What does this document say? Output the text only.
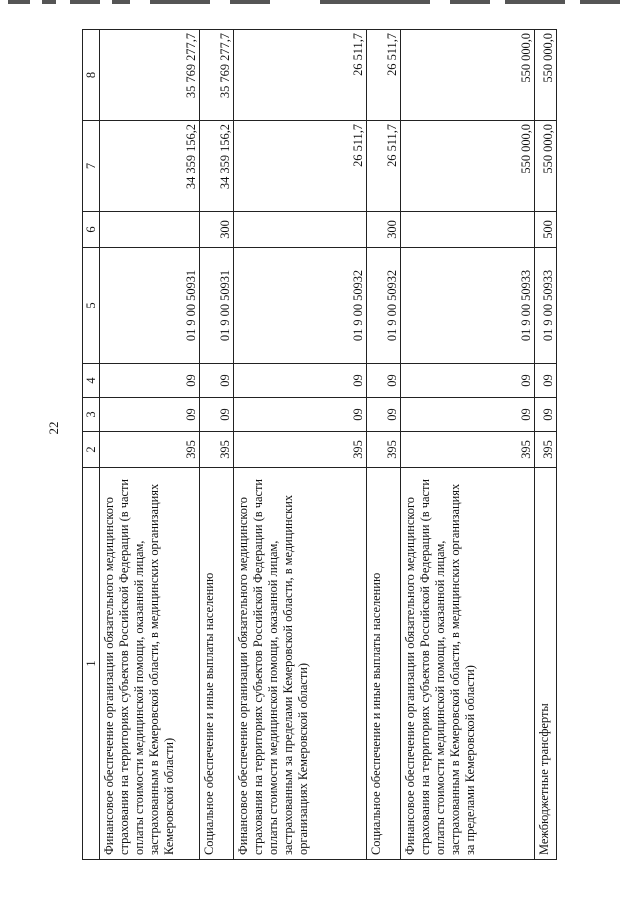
22
1	2	3	4	5	6	7	8
Финансовое обеспечение организации обязательного медицинского страхования на территориях субъектов Российской Федерации (в части оплаты стоимости медицинской помощи, оказанной лицам, застрахованным в Кемеровской области, в медицинских организациях Кемеровской области)	395	09	09	01 9 00 50931		34 359 156,2	35 769 277,7
Социальное обеспечение и иные выплаты населению	395	09	09	01 9 00 50931	300	34 359 156,2	35 769 277,7
Финансовое обеспечение организации обязательного медицинского страхования на территориях субъектов Российской Федерации (в части оплаты стоимости медицинской помощи, оказанной лицам, застрахованным за пределами Кемеровской области, в медицинских организациях Кемеровской области)	395	09	09	01 9 00 50932		26 511,7	26 511,7
Социальное обеспечение и иные выплаты населению	395	09	09	01 9 00 50932	300	26 511,7	26 511,7
Финансовое обеспечение организации обязательного медицинского страхования на территориях субъектов Российской Федерации (в части оплаты стоимости медицинской помощи, оказанной лицам, застрахованным в Кемеровской области, в медицинских организациях за пределами Кемеровской области)	395	09	09	01 9 00 50933		550 000,0	550 000,0
Межбюджетные трансферты	395	09	09	01 9 00 50933	500	550 000,0	550 000,0
